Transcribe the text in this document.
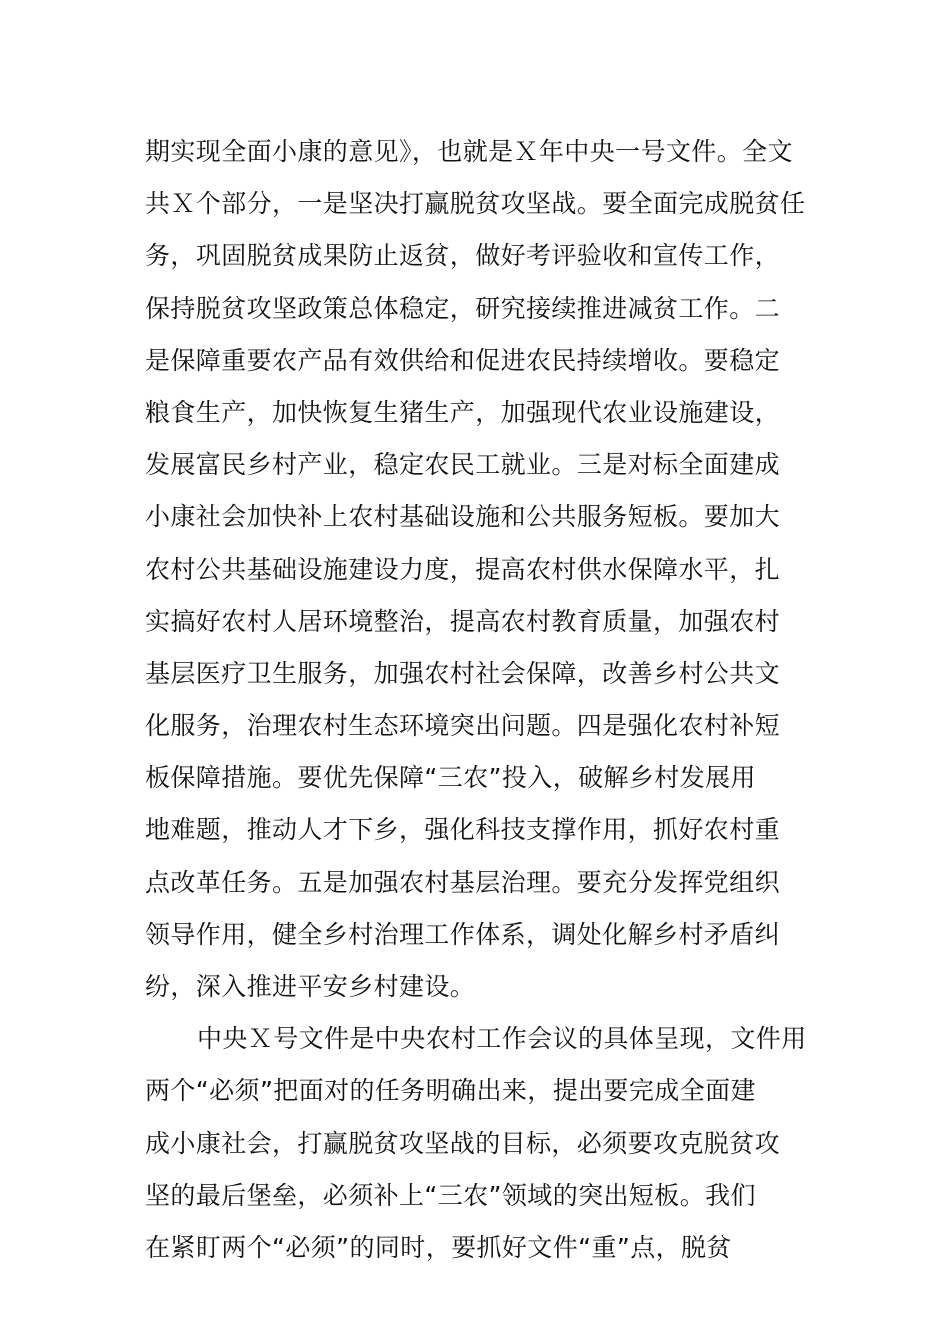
期实现全面小康的意见》，也就是Ｘ年中央一号文件。全文
共Ｘ个部分，一是坚决打赢脱贫攻坚战。要全面完成脱贫任
务，巩固脱贫成果防止返贫，做好考评验收和宣传工作，
保持脱贫攻坚政策总体稳定，研究接续推进减贫工作。二
是保障重要农产品有效供给和促进农民持续增收。要稳定
粮食生产，加快恢复生猪生产，加强现代农业设施建设，
发展富民乡村产业，稳定农民工就业。三是对标全面建成
小康社会加快补上农村基础设施和公共服务短板。要加大
农村公共基础设施建设力度，提高农村供水保障水平，扎
实搞好农村人居环境整治，提高农村教育质量，加强农村
基层医疗卫生服务，加强农村社会保障，改善乡村公共文
化服务，治理农村生态环境突出问题。四是强化农村补短
板保障措施。要优先保障“三农”投入，破解乡村发展用
地难题，推动人才下乡，强化科技支撑作用，抓好农村重
点改革任务。五是加强农村基层治理。要充分发挥党组织
领导作用，健全乡村治理工作体系，调处化解乡村矛盾纠
纷，深入推进平安乡村建设。
中央Ｘ号文件是中央农村工作会议的具体呈现，文件用
两个“必须”把面对的任务明确出来，提出要完成全面建
成小康社会，打赢脱贫攻坚战的目标，必须要攻克脱贫攻
坚的最后堡垒，必须补上“三农”领域的突出短板。我们
在紧盯两个“必须”的同时，要抓好文件“重”点，脱贫
